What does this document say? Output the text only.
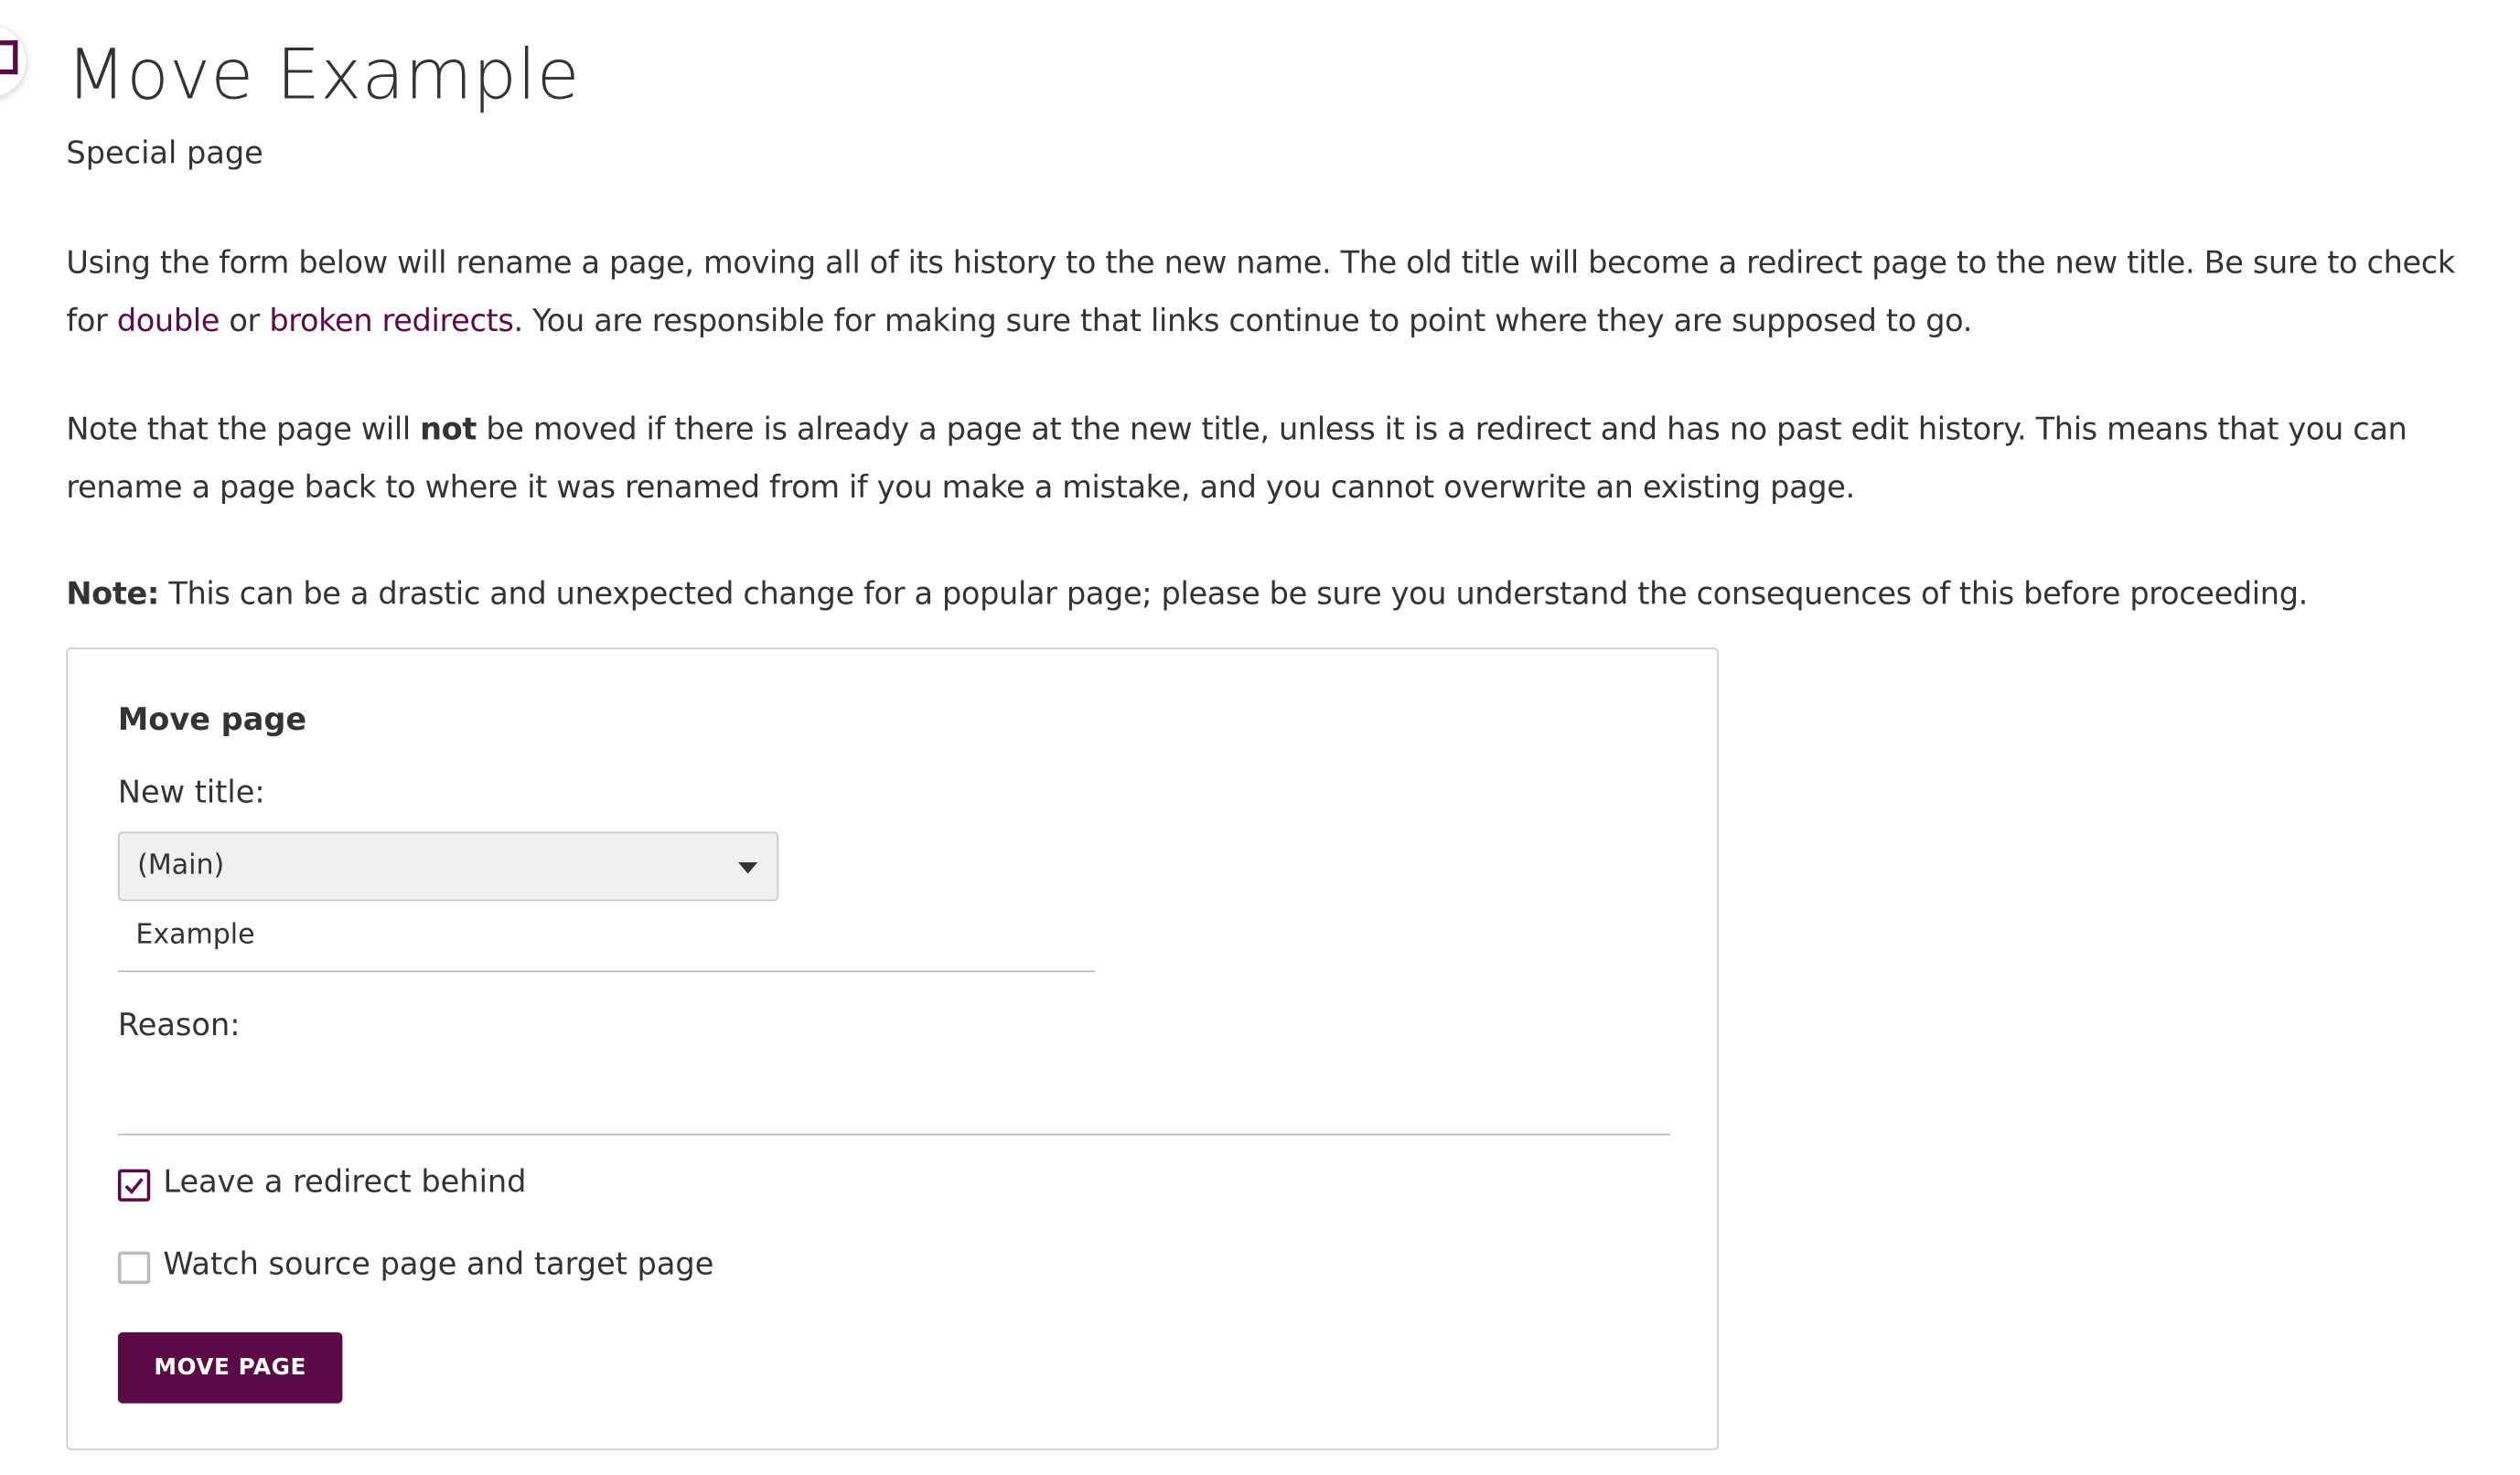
Move Example
Special page
Using the form below will rename a page, moving all of its history to the new name. The old title will become a redirect page to the new title. Be sure to check for double or broken redirects. You are responsible for making sure that links continue to point where they are supposed to go.
Note that the page will not be moved if there is already a page at the new title, unless it is a redirect and has no past edit history. This means that you can rename a page back to where it was renamed from if you make a mistake, and you cannot overwrite an existing page.
Note: This can be a drastic and unexpected change for a popular page; please be sure you understand the consequences of this before proceeding.
Move page
New title:
(Main)
Example
Reason:
Leave a redirect behind
Watch source page and target page
MOVE PAGE
